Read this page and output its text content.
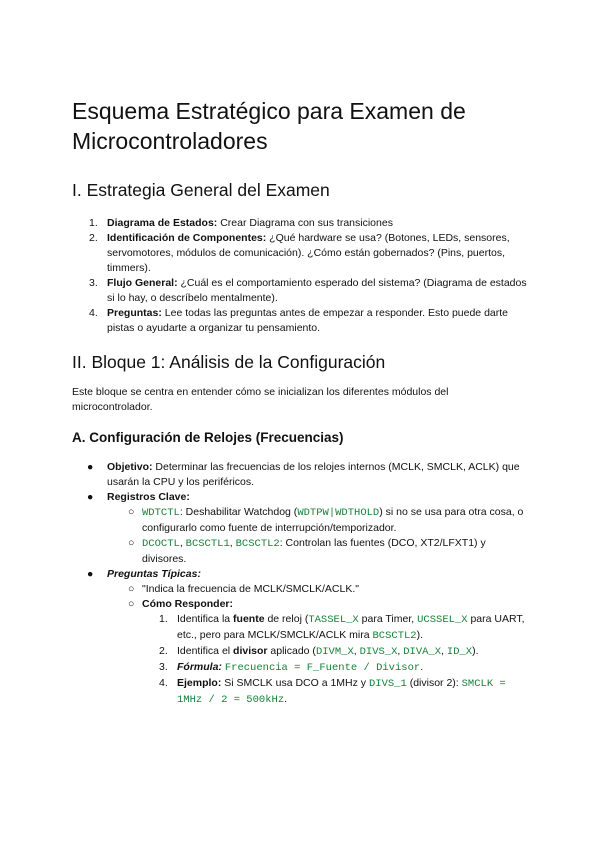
Esquema Estratégico para Examen de Microcontroladores
I. Estrategia General del Examen
1. Diagrama de Estados: Crear Diagrama con sus transiciones
2. Identificación de Componentes: ¿Qué hardware se usa? (Botones, LEDs, sensores, servomotores, módulos de comunicación). ¿Cómo están gobernados? (Pins, puertos, timmers).
3. Flujo General: ¿Cuál es el comportamiento esperado del sistema? (Diagrama de estados si lo hay, o descríbelo mentalmente).
4. Preguntas: Lee todas las preguntas antes de empezar a responder. Esto puede darte pistas o ayudarte a organizar tu pensamiento.
II. Bloque 1: Análisis de la Configuración

Este bloque se centra en entender cómo se inicializan los diferentes módulos del microcontrolador.

A. Configuración de Relojes (Frecuencias)
● Objetivo: Determinar las frecuencias de los relojes internos (MCLK, SMCLK, ACLK) que usarán la CPU y los periféricos.
● Registros Clave:
○ WDTCTL: Deshabilitar Watchdog (WDTPW|WDTHOLD) si no se usa para otra cosa, o configurarlo como fuente de interrupción/temporizador.
○ DCOCTL, BCSCTL1, BCSCTL2: Controlan las fuentes (DCO, XT2/LFXT1) y divisores.
● Preguntas Típicas:
○ "Indica la frecuencia de MCLK/SMCLK/ACLK."
○ Cómo Responder:
1. Identifica la fuente de reloj (TASSEL_X para Timer, UCSSEL_X para UART, etc., pero para MCLK/SMCLK/ACLK mira BCSCTL2).
2. Identifica el divisor aplicado (DIVM_X, DIVS_X, DIVA_X, ID_X).
3. Fórmula: Frecuencia = F_Fuente / Divisor.
4. Ejemplo: Si SMCLK usa DCO a 1MHz y DIVS_1 (divisor 2): SMCLK = 1MHz / 2 = 500kHz.
